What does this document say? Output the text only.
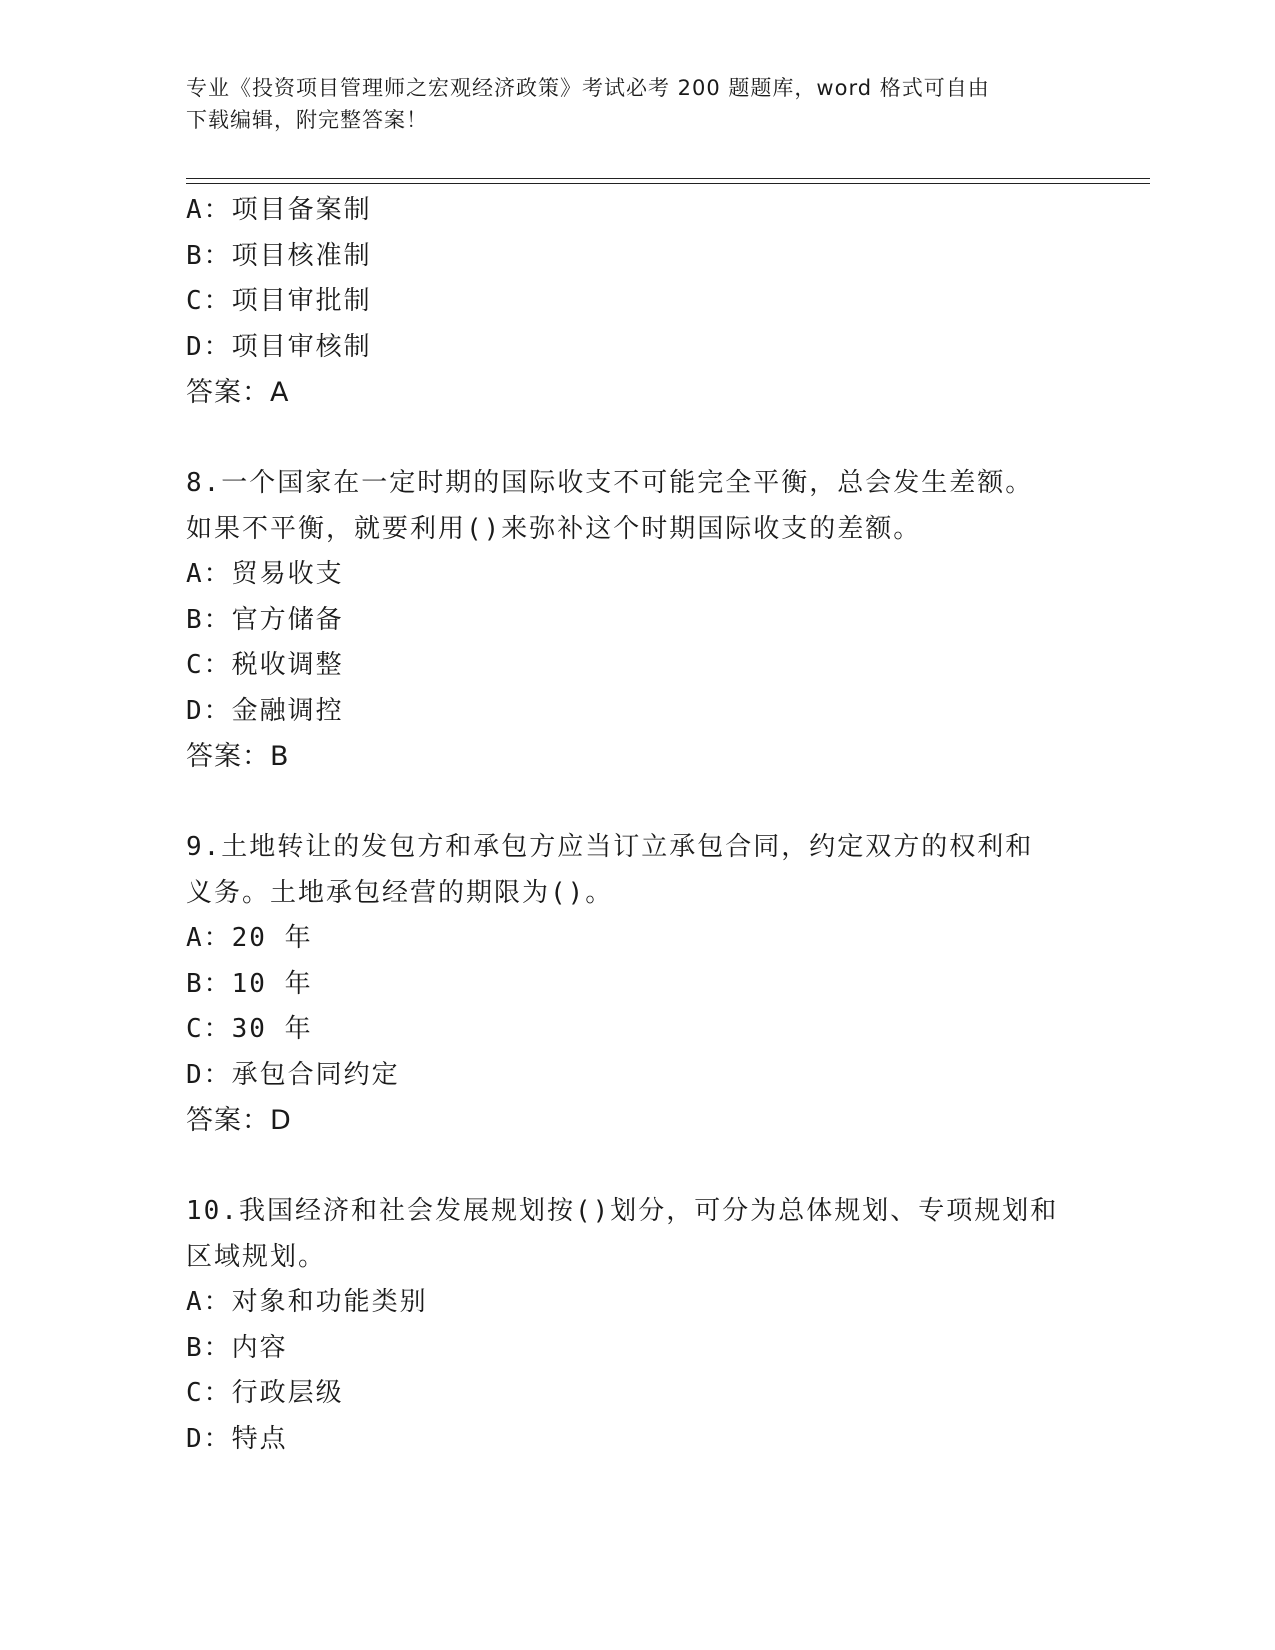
专业《投资项目管理师之宏观经济政策》考试必考 200 题题库，word 格式可自由
下载编辑，附完整答案！
A：项目备案制
B：项目核准制
C：项目审批制
D：项目审核制
答案：A
8.一个国家在一定时期的国际收支不可能完全平衡，总会发生差额。
如果不平衡，就要利用()来弥补这个时期国际收支的差额。
A：贸易收支
B：官方储备
C：税收调整
D：金融调控
答案：B
9.土地转让的发包方和承包方应当订立承包合同，约定双方的权利和
义务。土地承包经营的期限为()。
A：20 年
B：10 年
C：30 年
D：承包合同约定
答案：D
10.我国经济和社会发展规划按()划分，可分为总体规划、专项规划和
区域规划。
A：对象和功能类别
B：内容
C：行政层级
D：特点
